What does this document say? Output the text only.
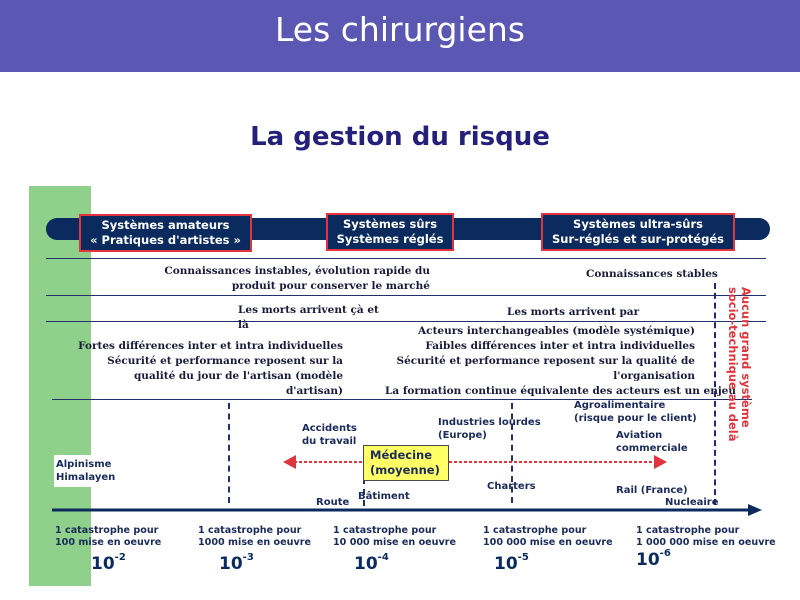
Les chirurgiens
La gestion du risque
Systèmes amateurs
« Pratiques d'artistes »
Systèmes sûrs
Systèmes réglés
Systèmes ultra-sûrs
Sur-réglés et sur-protégés
Connaissances instables, évolution rapide du
produit pour conserver le marché
Connaissances stables
Les morts arrivent çà et
là
Les morts arrivent par
Fortes différences inter et intra individuelles
Sécurité et performance reposent sur la
qualité du jour de l'artisan (modèle
d'artisan)
Acteurs interchangeables (modèle systémique)
Faibles différences inter et intra individuelles
Sécurité et performance reposent sur la qualité de
l'organisation
La formation continue équivalente des acteurs est un enjeu Aucun grand système
socio-technique au delà
Médecine
(moyenne)
Alpinisme
Himalayen
Accidents
du travail
Industries lourdes
(Europe)
Agroalimentaire
(risque pour le client)
Aviation
commerciale
Route
Bâtiment
Charters	Rail (France)
Nucleaire
1 catastrophe pour
100 mise en oeuvre
$10^{-2}$
1 catastrophe pour
1000 mise en oeuvre
$10^{-3}$
1 catastrophe pour
10 000 mise en oeuvre
$10^{-4}$
1 catastrophe pour
100 000 mise en oeuvre
$10^{-5}$
1 catastrophe pour
1 000 000 mise en oeuvre
$10^{-6}$
